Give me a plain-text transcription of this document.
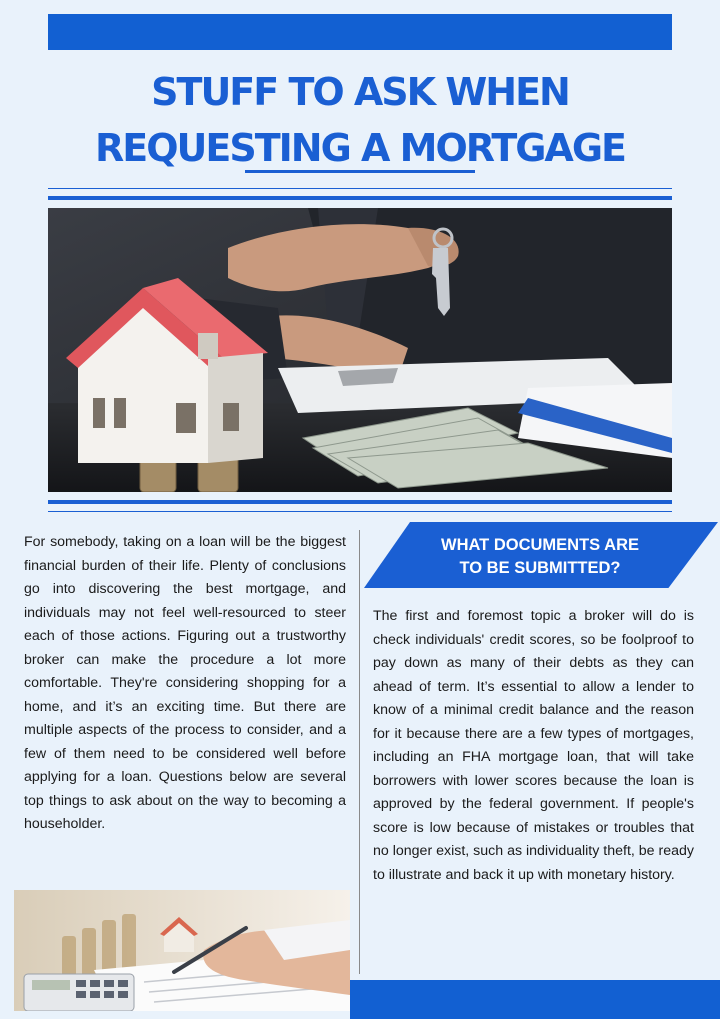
STUFF TO ASK WHEN
REQUESTING A MORTGAGE
For somebody, taking on a loan will be the biggest financial burden of their life. Plenty of conclusions go into discovering the best mortgage, and individuals may not feel well-resourced to steer each of those actions. Figuring out a trustworthy broker can make the procedure a lot more comfortable. They're considering shopping for a home, and it’s an exciting time. But there are multiple aspects of the process to consider, and a few of them need to be considered well before applying for a loan. Questions below are several top things to ask about on the way to becoming a householder.
WHAT DOCUMENTS ARE
TO BE SUBMITTED?
The first and foremost topic a broker will do is check individuals' credit scores, so be foolproof to pay down as many of their debts as they can ahead of term. It’s essential to allow a lender to know of a minimal credit balance and the reason for it because there are a few types of mortgages, including an FHA mortgage loan, that will take borrowers with lower scores because the loan is approved by the federal government. If people's score is low because of mistakes or troubles that no longer exist, such as individuality theft, be ready to illustrate and back it up with monetary history.
